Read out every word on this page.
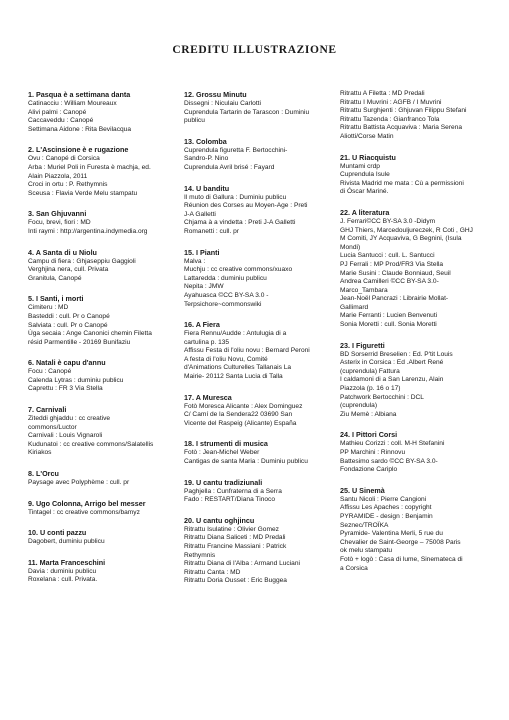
CREDITU ILLUSTRAZIONE
1. Pasqua è a settimana danta
Catinacciu : William Moureaux
Alivi palmi : Canopé
Caccaveddu : Canopé
Settimana Aidone : Rita Bevilacqua
2. L'Ascinsione è e rugazione
Ovu : Canopé di Corsica
Arba : Muriel Poli in Furesta è machja, ed.
Alain Piazzola, 2011
Croci in ortu : P. Rethymnis
Sceusa : Flavia Verde Melu stampatu
3. San Ghjuvanni
Focu, brevi, fiori : MD
Inti raymi : http://argentina.indymedia.org
4. A Santa di u Niolu
Campu di fiera : Ghjaseppiu Gaggioli
Verghjina nera, cull. Privata
Granitula, Canopé
5. I Santi, i morti
Cimiteru : MD
Basteddi : cull. Pr o Canopé
Salviata : cull. Pr o Canopé
Ùga secaia : Ange Canonici chemin Filetta
résid Parmentille - 20169 Bunifaziu
6. Natali è capu d'annu
Focu : Canopé
Calenda Lytras : duminiu publicu
Caprettu : FR 3 Via Stella
7. Carnivali
Ziteddi ghjaddu : cc creative
commons/Luctor
Carnivali : Louis Vignaroli
Kudunatoi : cc creative commons/Salatellis
Kiriakos
8. L'Orcu
Paysage avec Polyphème : cull. pr
9. Ugo Colonna, Arrigo bel messer
Tintagel : cc creative commons/bamyz
10. U conti pazzu
Dagobert, duminiu publicu
11. Marta Franceschini
Davia : duminiu publicu
Roxelana : cull. Privata.
12. Grossu Minutu
Dissegni : Niculaiu Carlotti
Cuprendula Tartarin de Tarascon : Duminiu
publicu
13. Colomba
Cuprendula figuretta F. Bertocchini-
Sandro-P. Nino
Cuprendula Avril brisé : Fayard
14. U banditu
Il muto di Gallura : Duminiu publicu
Réunion des Corses au Moyen-Age : Preti
J-A Galletti
Chjama à a vindetta : Preti J-A Galletti
Romanetti : cull. pr
15. I Pianti
Malva :
Muchju : cc creative commons/xuaxo
Lattaredda : duminiu publicu
Nepita : JMW
Ayahuasca ©CC BY-SA 3.0 -
Terpsichore~commonswiki
16. A Fiera
Fiera Rennu/Audde : Antulugia di a
cartulina p. 135
Affissu Festa di l'oliu novu : Bernard Peroni
A festa di l'oliu Novu, Comité
d'Animations Culturelles Tallanais La
Mairie- 20112 Santa Lucia di Talla
17. A Muresca
Fotò Moresca Alicante : Alex Dominguez
C/ Camí de la Sendera22 03690 San
Vicente del Raspeig (Alicante) España
18. I strumenti di musica
Fotò : Jean-Michel Weber
Cantigas de santa Maria : Duminiu publicu
19. U cantu tradiziunali
Paghjella : Cunfraterna di a Serra
Fado : RESTART/Diana Tinoco
20. U cantu oghjincu
Ritrattu Isulatine : Olivier Gomez
Ritrattu Diana Saliceti : MD Predali
Ritrattu Francine Massiani : Patrick
Rethymnis
Ritrattu Diana di l'Alba : Armand Luciani
Ritrattu Canta : MD
Ritrattu Doria Ousset : Eric Buggea
Ritrattu A Filetta : MD Predali
Ritrattu I Muvrini : AGFB / I Muvrini
Ritrattu Surghjenti : Ghjuvan Filippu Stefani
Ritrattu Tazenda : Gianfranco Tola
Ritrattu Battista Acquaviva : Maria Serena
Aliotti/Corse Matin
21. U Riacquistu
Muntami crdp
Cuprendula Isule
Rivista Madrid me mata : Cù a permissioni
di Óscar Mariné.
22. A literatura
J. Ferrari©CC BY-SA 3.0 -Didym
GHJ Thiers, Marcedouljureczek, R Coti , GHJ
M Comiti, JY Acquaviva, G Begnini, (Isula
Mondi)
Lucia Santucci : cull. L. Santucci
PJ Ferrali : MP Prod/FR3 Via Stella
Marie Susini : Claude Bonniaud, Seuil
Andrea Camilleri ©CC BY-SA 3.0-
Marco_Tambara
Jean-Noël Pancrazi : Librairie Mollat-
Gallimard
Marie Ferranti : Lucien Benvenuti
Sonia Moretti : cull. Sonia Moretti
23. I Figuretti
BD Sorserrid Breselien : Ed. P'tit Louis
Asterix in Corsica : Ed .Albert René
(cuprendula) Fattura
I caldamoni di a San Larenzu, Alain
Piazzola (p. 16 o 17)
Patchwork Bertocchini : DCL
(cuprendula)
Ziu Memè : Albiana
24. I Pittori Corsi
Mathieu Corizzi : coll. M-H Stefanini
PP Marchini : Rinnovu
Battesimo sardo ©CC BY-SA 3.0-
Fondazione Cariplo
25. U Sinemà
Santu Nicoli : Pierre Cangioni
Affissu Les Apaches : copyright
PYRAMIDE - design : Benjamin
Seznec/TROÏKA
Pyramide- Valentina Merli, 5 rue du
Chevalier de Saint-George – 75008 Paris
ok melu stampatu
Fotò + logò : Casa di lume, Sinemateca di
a Corsica
